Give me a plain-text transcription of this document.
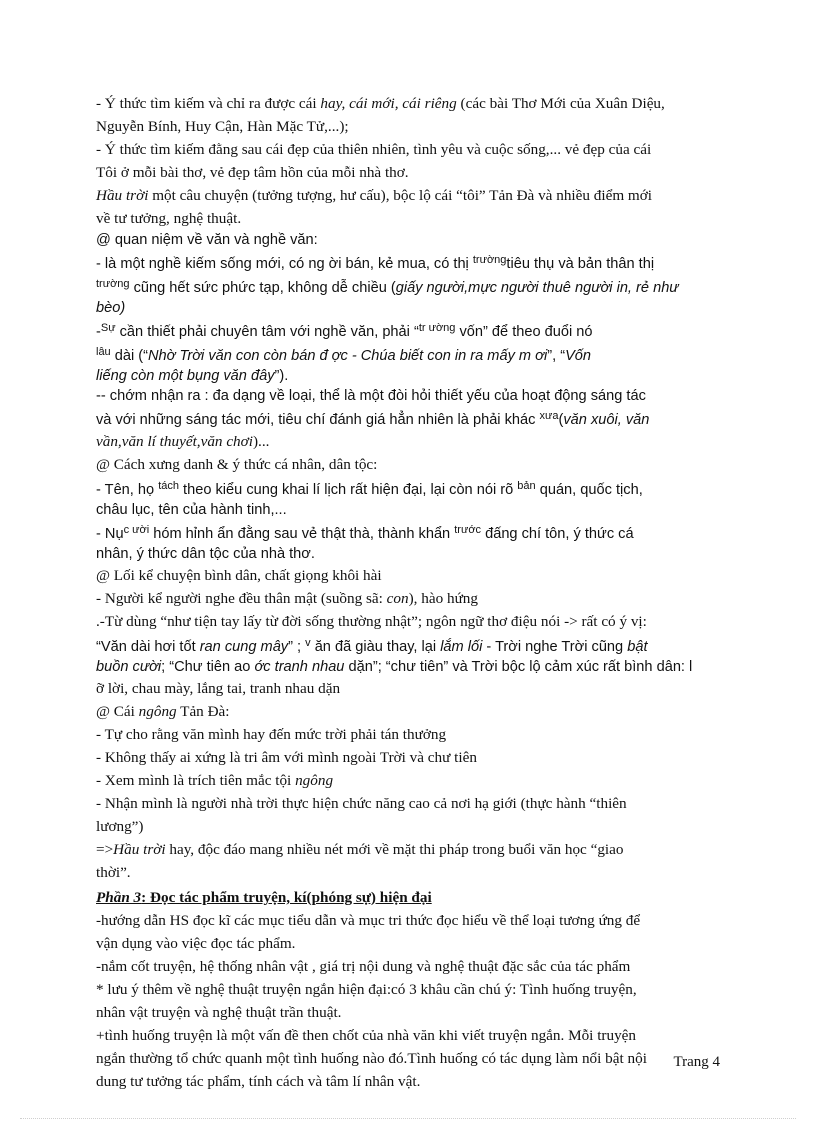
- Ý thức tìm kiếm và chỉ ra được cái hay, cái mới, cái riêng (các bài Thơ Mới của Xuân Diệu,
Nguyễn Bính, Huy Cận, Hàn Mặc Tử,...);
- Ý thức tìm kiếm đằng sau cái đẹp của thiên nhiên, tình yêu và cuộc sống,... vẻ đẹp của cái
Tôi ở mỗi bài thơ, vẻ đẹp tâm hồn của mỗi nhà thơ.
Hầu trời một câu chuyện (tưởng tượng, hư cấu), bộc lộ cái “tôi” Tản Đà và nhiều điểm mới
về tư tưởng, nghệ thuật.
@ quan niệm về văn và nghề văn:
- là một nghề kiếm sống mới, có ng ời bán, kẻ mua, có thị $^{trường}$tiêu thụ và bản thân thị
$^{trường}$ cũng hết sức phức tạp, không dễ chiều (giấy người,mực người thuê người in, rẻ như
bèo)
-$^{Sự}$ cần thiết phải chuyên tâm với nghề văn, phải “$^{tr ường}$ vốn” để theo đuổi nó
$^{lâu}$ dài (“Nhờ Trời văn con còn bán đ ợc - Chúa biết con in ra mấy m ơi”, “Vốn
liếng còn một bụng văn đây”).
-- chớm nhận ra : đa dạng về loại, thể là một đòi hỏi thiết yếu của hoạt động sáng tác
và với những sáng tác mới, tiêu chí đánh giá hẳn nhiên là phải khác $^{xưa}$(văn xuôi, văn
vần,văn lí thuyết,văn chơi)...
@ Cách xưng danh & ý thức cá nhân, dân tộc:
- Tên, họ $^{tách}$ theo kiểu cung khai lí lịch rất hiện đại, lại còn nói rõ $^{bản}$ quán, quốc tịch,
châu lục, tên của hành tinh,...
- Nụ$^{c ười}$ hóm hỉnh ẩn đằng sau vẻ thật thà, thành khẩn $^{trước}$ đấng chí tôn, ý thức cá
nhân, ý thức dân tộc của nhà thơ.
@ Lối kể chuyện bình dân, chất giọng khôi hài
- Người kể người nghe đều thân mật (suồng sã: con), hào hứng
.-Từ dùng “như tiện tay lấy từ đời sống thường nhật”; ngôn ngữ thơ điệu nói -> rất có ý vị:
“Văn dài hơi tốt ran cung mây” ; $^v$ ăn đã giàu thay, lại lắm lối - Trời nghe Trời cũng bật
buồn cười; “Chư tiên ao ớc tranh nhau dặn”; “chư tiên” và Trời bộc lộ cảm xúc rất bình dân: l
ỡ lời, chau mày, lắng tai, tranh nhau dặn
@ Cái ngông Tản Đà:
- Tự cho rằng văn mình hay đến mức trời phải tán thưởng
- Không thấy ai xứng là tri âm với mình ngoài Trời và chư tiên
- Xem mình là trích tiên mắc tội ngông
- Nhận mình là người nhà trời thực hiện chức năng cao cả nơi hạ giới (thực hành “thiên
lương”)
=>Hầu trời hay, độc đáo mang nhiều nét mới về mặt thi pháp trong buổi văn học “giao
thời”.
Phần 3: Đọc tác phẩm truyện, kí(phóng sự) hiện đại
-hướng dẫn HS đọc kĩ các mục tiểu dẫn và mục tri thức đọc hiểu về thể loại tương ứng để
vận dụng vào việc đọc tác phẩm.
-nắm cốt truyện, hệ thống nhân vật , giá trị nội dung và nghệ thuật đặc sắc của tác phẩm
* lưu ý thêm về nghệ thuật truyện ngắn hiện đại:có 3 khâu cần chú ý: Tình huống truyện,
nhân vật truyện và nghệ thuật trần thuật.
+tình huống truyện là một vấn đề then chốt của nhà văn khi viết truyện ngắn. Mỗi truyện
ngắn thường tổ chức quanh một tình huống nào đó.Tình huống có tác dụng làm nổi bật nội
dung tư tưởng tác phẩm, tính cách và tâm lí nhân vật.
Trang 4
